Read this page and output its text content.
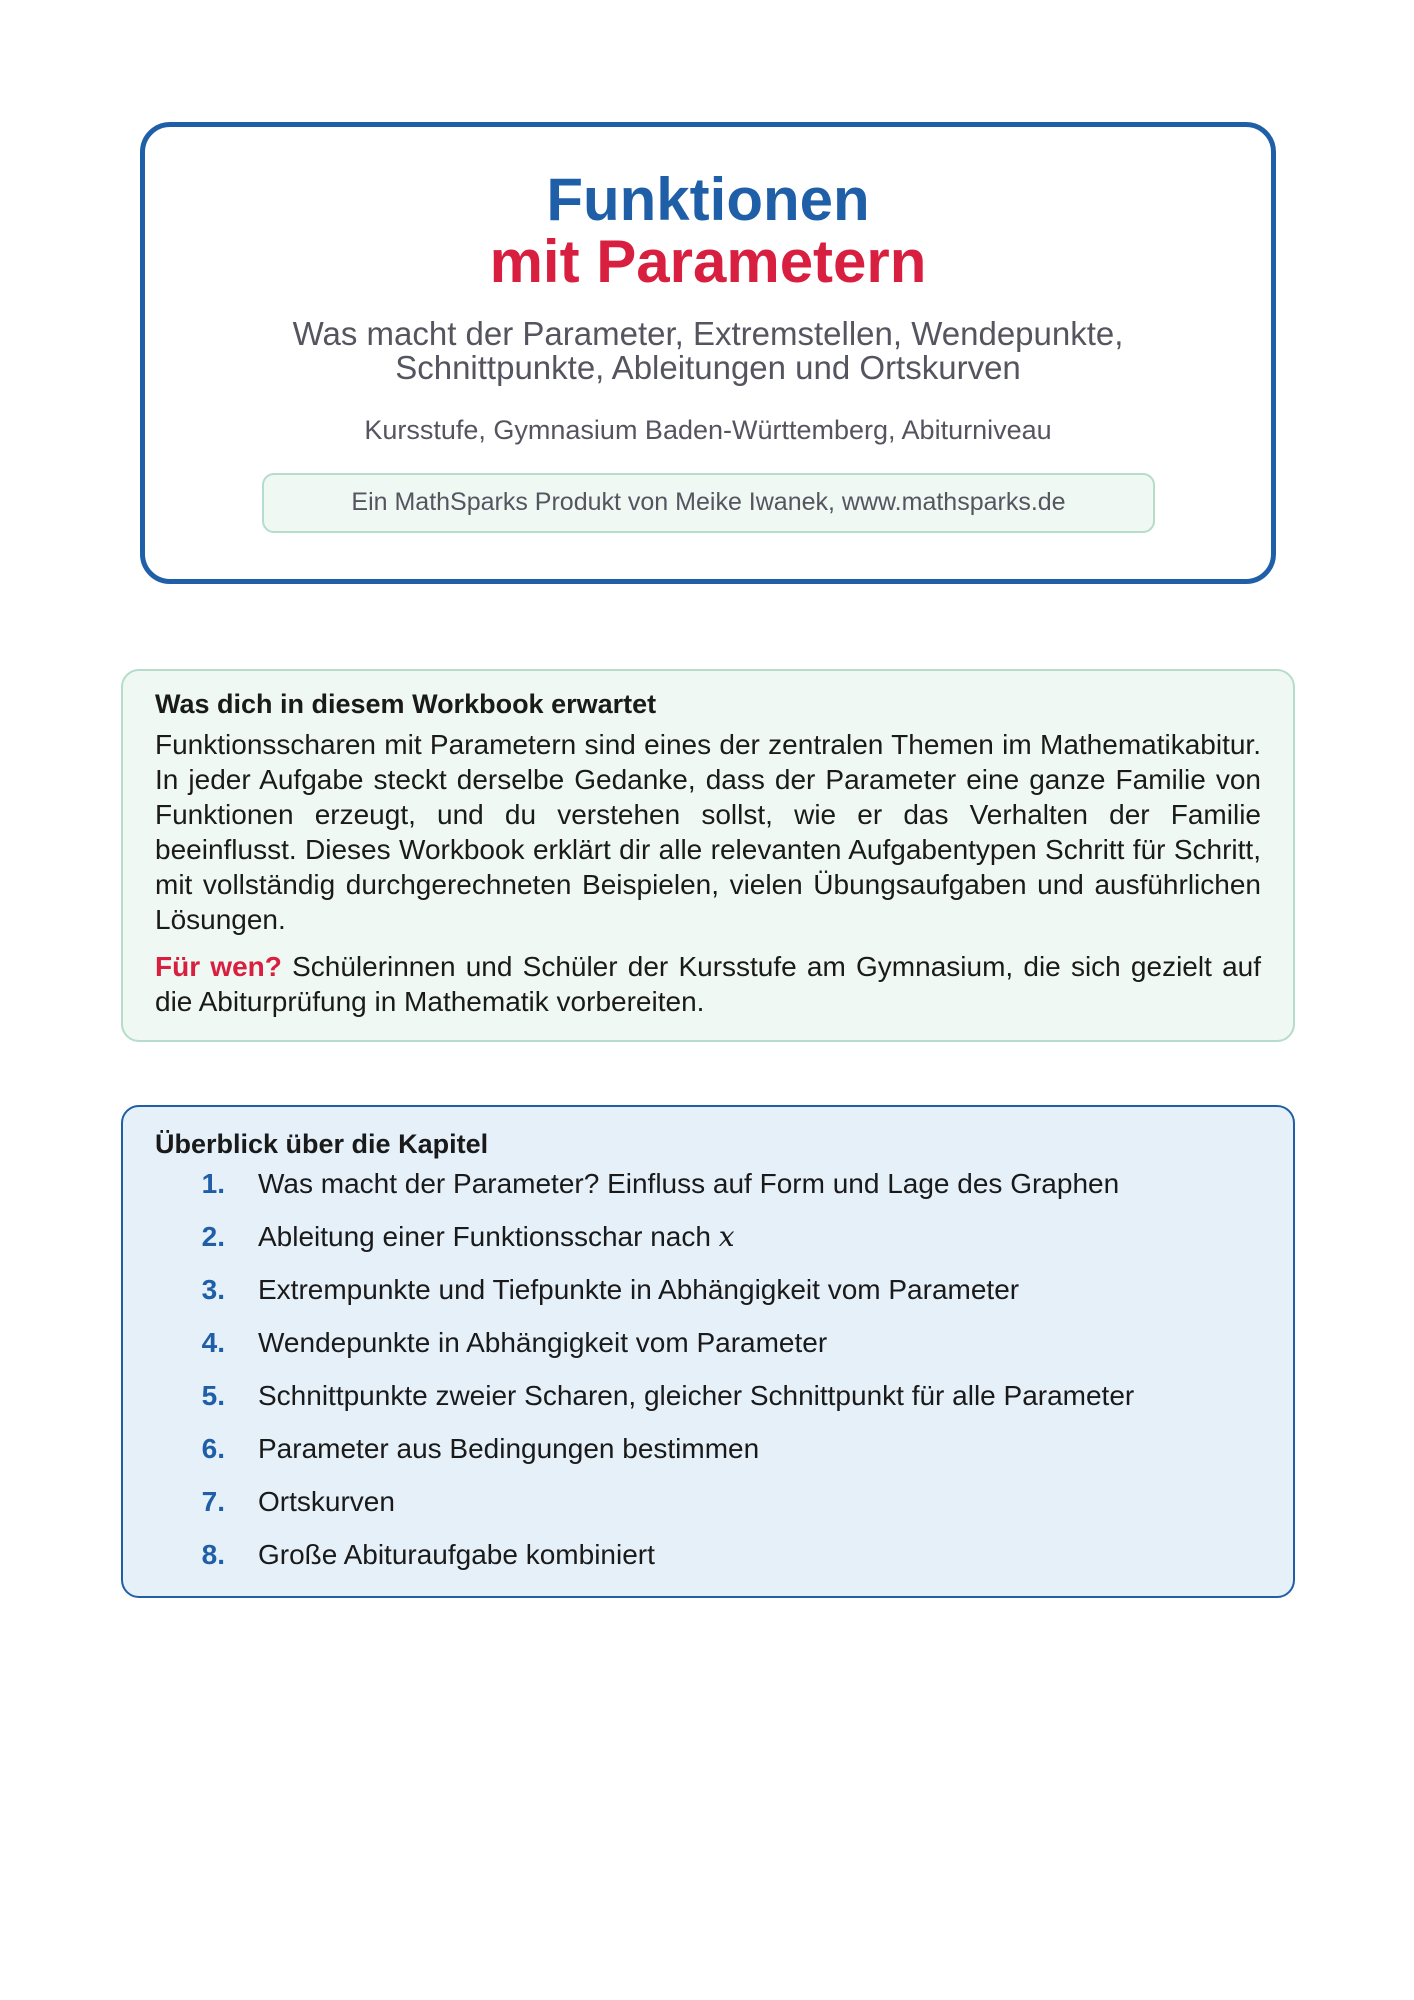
Funktionen
mit Parametern
Was macht der Parameter, Extremstellen, Wendepunkte, Schnittpunkte, Ableitungen und Ortskurven
Kursstufe, Gymnasium Baden-Württemberg, Abiturniveau
Ein MathSparks Produkt von Meike Iwanek, www.mathsparks.de

Was dich in diesem Workbook erwartet

Funktionsscharen mit Parametern sind eines der zentralen Themen im Mathematikabitur. In jeder Aufgabe steckt derselbe Gedanke, dass der Parameter eine ganze Familie von Funktionen erzeugt, und du verstehen sollst, wie er das Verhalten der Familie beeinflusst. Dieses Workbook erklärt dir alle relevanten Aufgabentypen Schritt für Schritt, mit vollständig durchgerechneten Beispielen, vielen Übungsaufgaben und ausführlichen Lösungen.

Für wen? Schülerinnen und Schüler der Kursstufe am Gymnasium, die sich gezielt auf die Abiturprüfung in Mathematik vorbereiten.

Überblick über die Kapitel

1. Was macht der Parameter? Einfluss auf Form und Lage des Graphen
2. Ableitung einer Funktionsschar nach x
3. Extrempunkte und Tiefpunkte in Abhängigkeit vom Parameter
4. Wendepunkte in Abhängigkeit vom Parameter
5. Schnittpunkte zweier Scharen, gleicher Schnittpunkt für alle Parameter
6. Parameter aus Bedingungen bestimmen
7. Ortskurven
8. Große Abituraufgabe kombiniert
